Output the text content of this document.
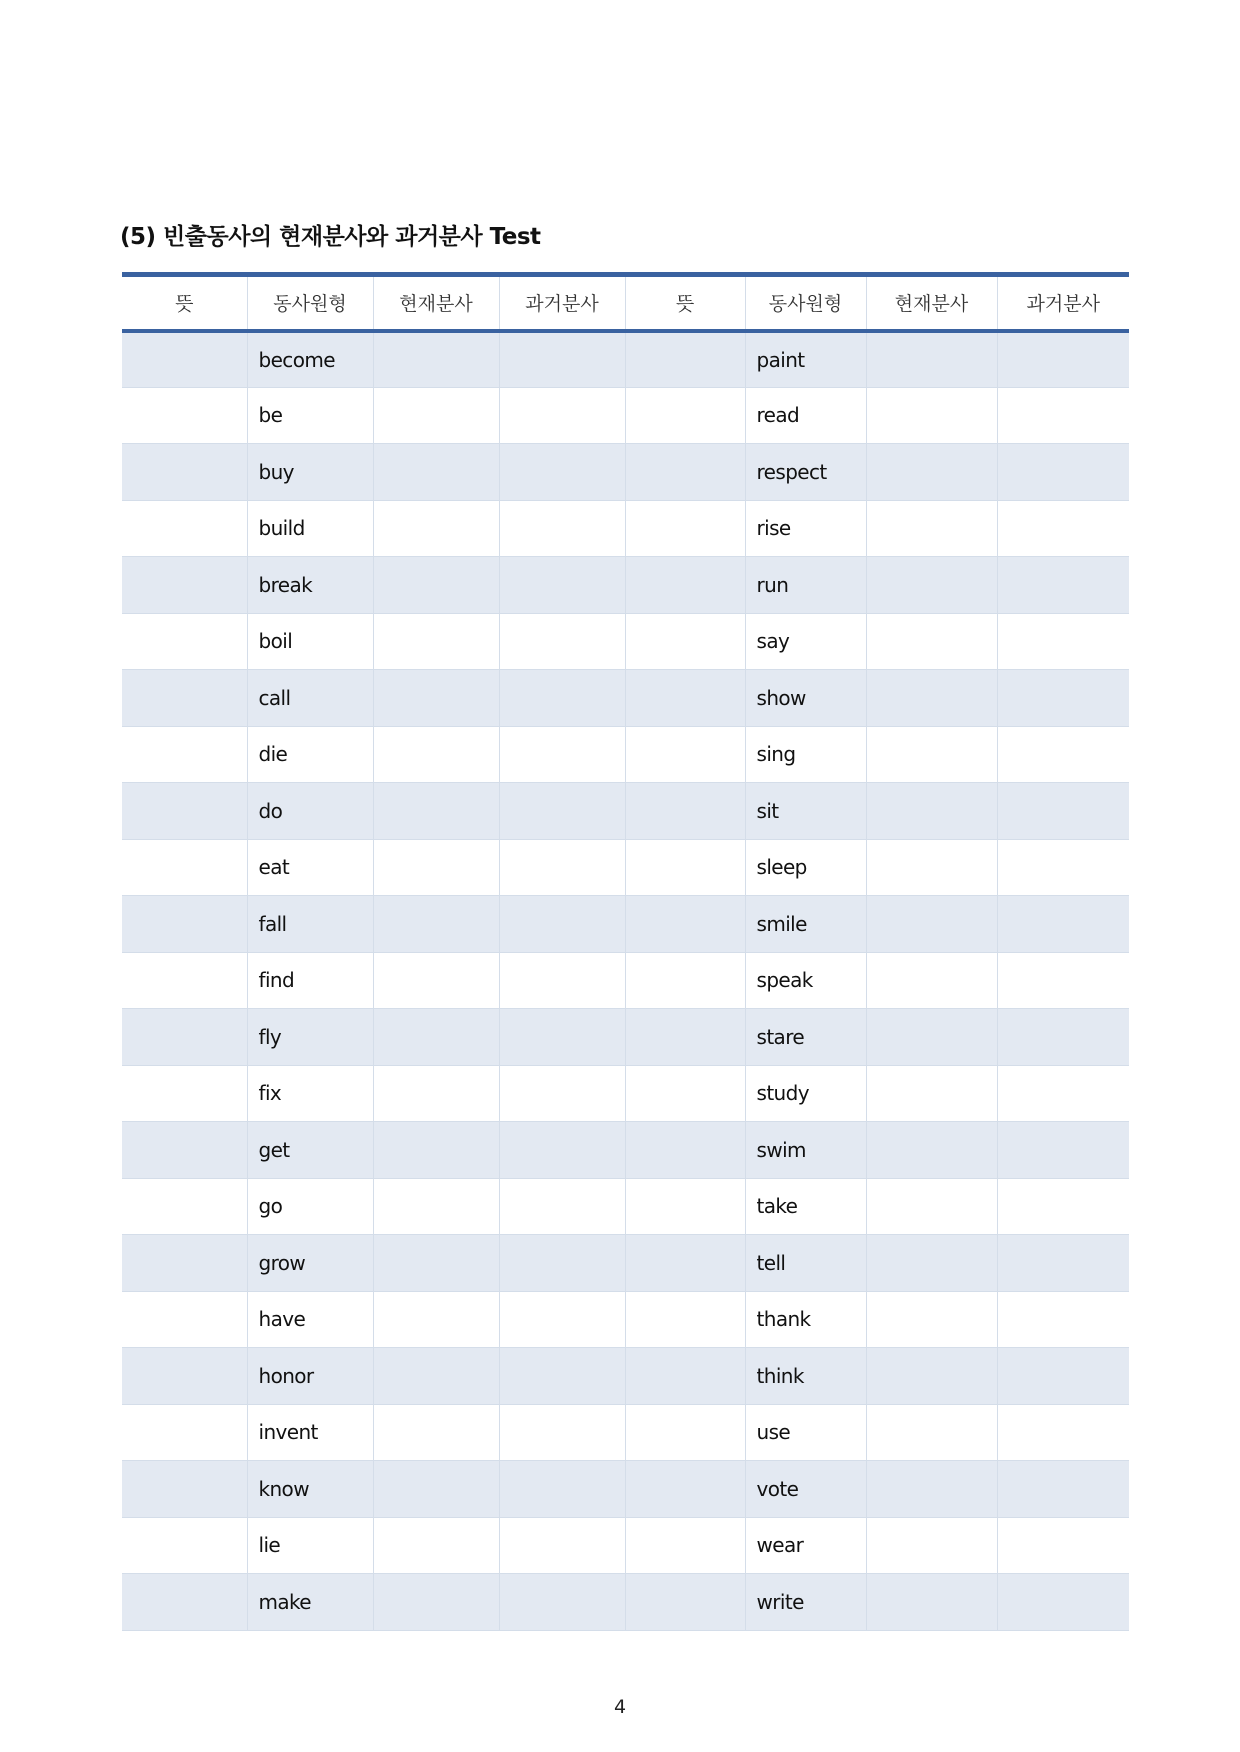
(5) 빈출동사의 현재분사와 과거분사 Test
뜻	동사원형	현재분사	과거분사	뜻	동사원형	현재분사	과거분사
	become				paint		
	be				read		
	buy				respect		
	build				rise		
	break				run		
	boil				say		
	call				show		
	die				sing		
	do				sit		
	eat				sleep		
	fall				smile		
	find				speak		
	fly				stare		
	fix				study		
	get				swim		
	go				take		
	grow				tell		
	have				thank		
	honor				think		
	invent				use		
	know				vote		
	lie				wear		
	make				write		
4
